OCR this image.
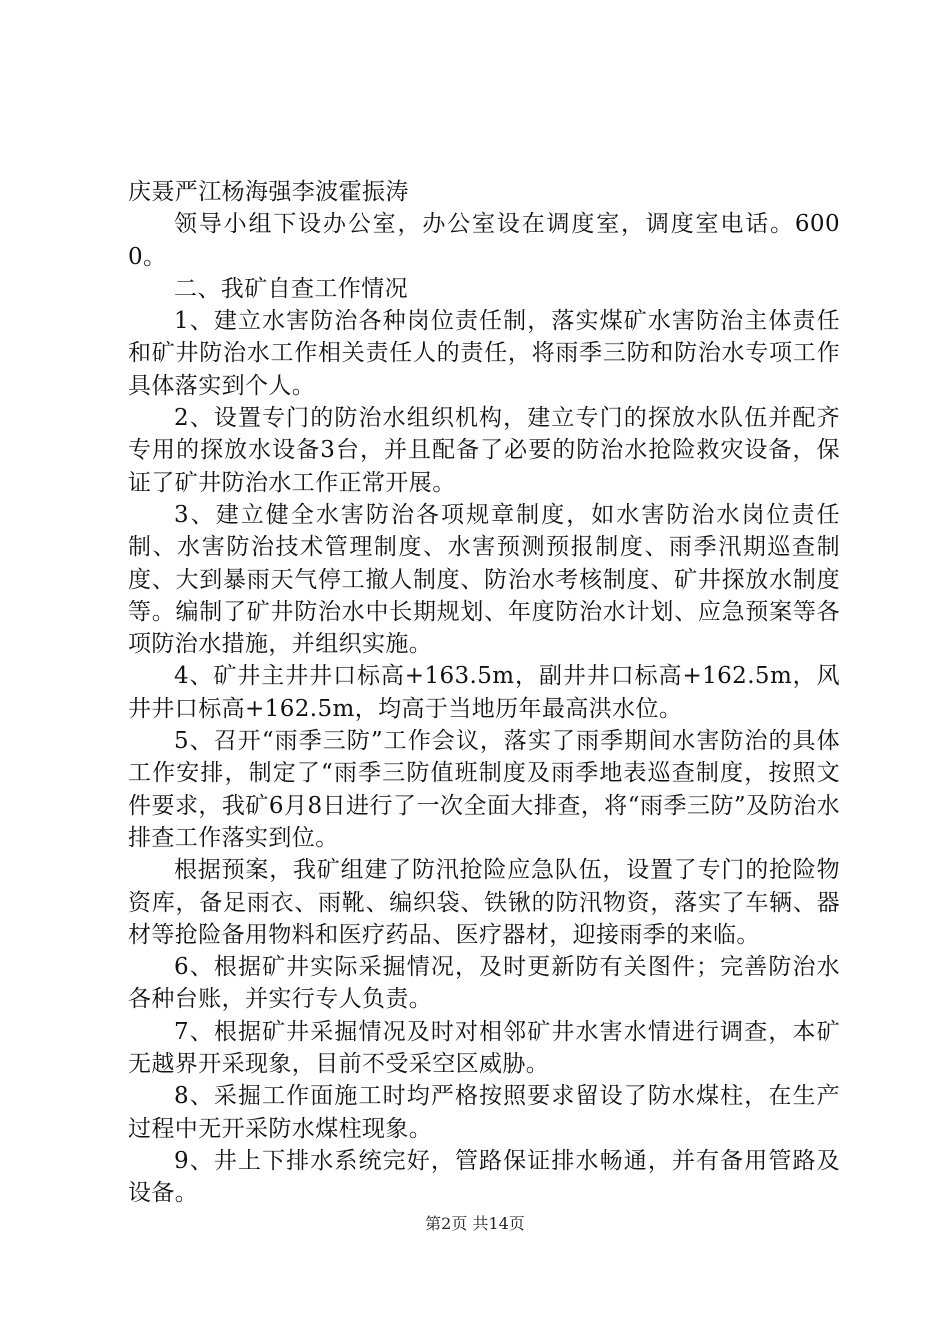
庆聂严江杨海强李波霍振涛

领导小组下设办公室，办公室设在调度室，调度室电话。6000。

二、我矿自查工作情况

1、建立水害防治各种岗位责任制，落实煤矿水害防治主体责任和矿井防治水工作相关责任人的责任，将雨季三防和防治水专项工作具体落实到个人。

2、设置专门的防治水组织机构，建立专门的探放水队伍并配齐专用的探放水设备3台，并且配备了必要的防治水抢险救灾设备，保证了矿井防治水工作正常开展。

3、建立健全水害防治各项规章制度，如水害防治水岗位责任制、水害防治技术管理制度、水害预测预报制度、雨季汛期巡查制度、大到暴雨天气停工撤人制度、防治水考核制度、矿井探放水制度等。编制了矿井防治水中长期规划、年度防治水计划、应急预案等各项防治水措施，并组织实施。

4、矿井主井井口标高+163.5m，副井井口标高+162.5m，风井井口标高+162.5m，均高于当地历年最高洪水位。

5、召开“雨季三防”工作会议，落实了雨季期间水害防治的具体工作安排，制定了“雨季三防值班制度及雨季地表巡查制度，按照文件要求，我矿6月8日进行了一次全面大排查，将“雨季三防”及防治水排查工作落实到位。

根据预案，我矿组建了防汛抢险应急队伍，设置了专门的抢险物资库，备足雨衣、雨靴、编织袋、铁锹的防汛物资，落实了车辆、器材等抢险备用物料和医疗药品、医疗器材，迎接雨季的来临。

6、根据矿井实际采掘情况，及时更新防有关图件；完善防治水各种台账，并实行专人负责。

7、根据矿井采掘情况及时对相邻矿井水害水情进行调查，本矿无越界开采现象，目前不受采空区威胁。

8、采掘工作面施工时均严格按照要求留设了防水煤柱，在生产过程中无开采防水煤柱现象。

9、井上下排水系统完好，管路保证排水畅通，并有备用管路及设备。

第2页 共14页
